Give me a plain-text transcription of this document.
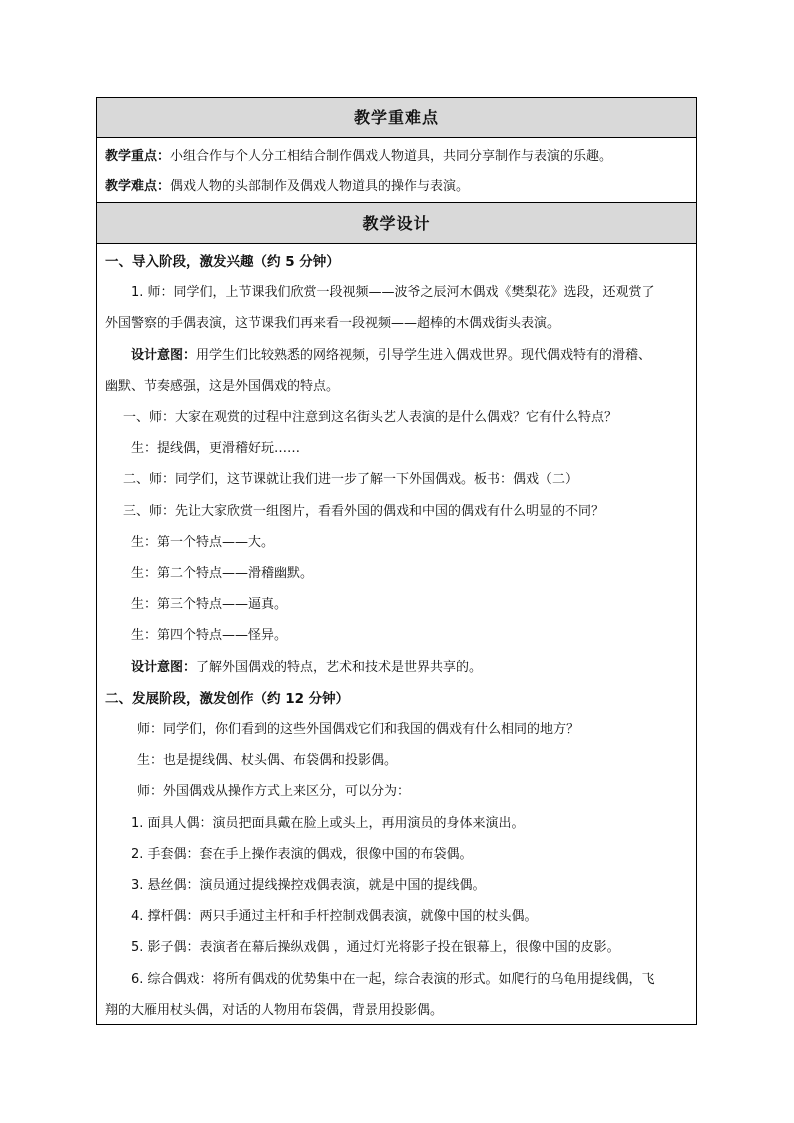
教学重难点
教学重点：小组合作与个人分工相结合制作偶戏人物道具，共同分享制作与表演的乐趣。
教学难点：偶戏人物的头部制作及偶戏人物道具的操作与表演。
教学设计
一、导入阶段，激发兴趣（约 5 分钟）
1. 师：同学们，上节课我们欣赏一段视频——波爷之辰河木偶戏《樊梨花》选段，还观赏了
外国警察的手偶表演，这节课我们再来看一段视频——超棒的木偶戏街头表演。
设计意图：用学生们比较熟悉的网络视频，引导学生进入偶戏世界。现代偶戏特有的滑稽、
幽默、节奏感强，这是外国偶戏的特点。
一、师：大家在观赏的过程中注意到这名街头艺人表演的是什么偶戏？它有什么特点？
生：提线偶，更滑稽好玩……
二、师：同学们，这节课就让我们进一步了解一下外国偶戏。板书：偶戏（二）
三、师：先让大家欣赏一组图片，看看外国的偶戏和中国的偶戏有什么明显的不同？
生：第一个特点——大。
生：第二个特点——滑稽幽默。
生：第三个特点——逼真。
生：第四个特点——怪异。
设计意图：了解外国偶戏的特点，艺术和技术是世界共享的。
二、发展阶段，激发创作（约 12 分钟）
师：同学们，你们看到的这些外国偶戏它们和我国的偶戏有什么相同的地方？
生：也是提线偶、杖头偶、布袋偶和投影偶。
师：外国偶戏从操作方式上来区分，可以分为：
1. 面具人偶：演员把面具戴在脸上或头上，再用演员的身体来演出。
2. 手套偶：套在手上操作表演的偶戏，很像中国的布袋偶。
3. 悬丝偶：演员通过提线操控戏偶表演，就是中国的提线偶。
4. 撑杆偶：两只手通过主杆和手杆控制戏偶表演，就像中国的杖头偶。
5. 影子偶：表演者在幕后操纵戏偶 ，通过灯光将影子投在银幕上，很像中国的皮影。
6. 综合偶戏：将所有偶戏的优势集中在一起，综合表演的形式。如爬行的乌龟用提线偶，飞
翔的大雁用杖头偶，对话的人物用布袋偶，背景用投影偶。
